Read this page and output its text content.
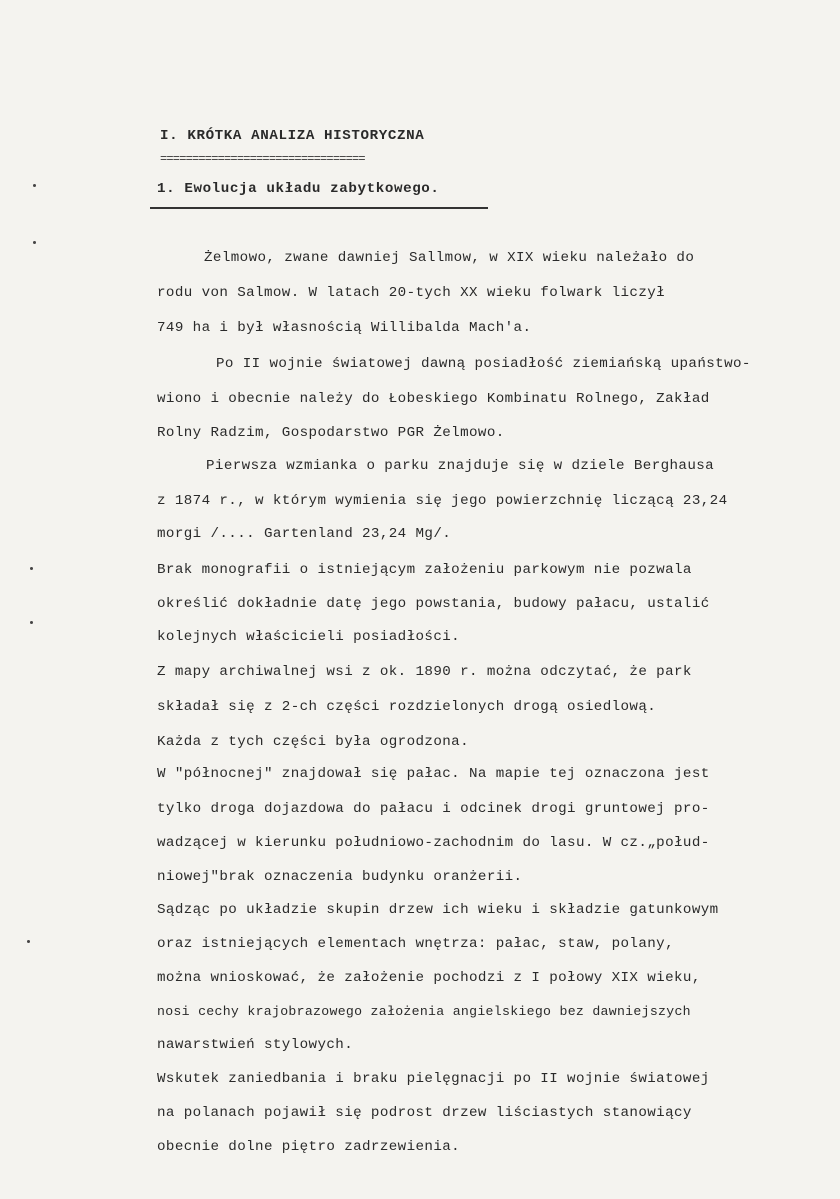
I. KRÓTKA ANALIZA HISTORYCZNA
================================
1. Ewolucja układu zabytkowego.
Żelmowo, zwane dawniej Sallmow, w XIX wieku należało do
rodu von Salmow. W latach 20-tych XX wieku folwark liczył
749 ha i był własnością Willibalda Mach'a.
Po II wojnie światowej dawną posiadłość ziemiańską upaństwo-
wiono i obecnie należy do Łobeskiego Kombinatu Rolnego, Zakład
Rolny Radzim, Gospodarstwo PGR Żelmowo.
Pierwsza wzmianka o parku znajduje się w dziele Berghausa
z 1874 r., w którym wymienia się jego powierzchnię liczącą 23,24
morgi /.... Gartenland 23,24 Mg/.
Brak monografii o istniejącym założeniu parkowym nie pozwala
określić dokładnie datę jego powstania, budowy pałacu, ustalić
kolejnych właścicieli posiadłości.
Z mapy archiwalnej wsi z ok. 1890 r. można odczytać, że park
składał się z 2-ch części rozdzielonych drogą osiedlową.
Każda z tych części była ogrodzona.
W "północnej" znajdował się pałac. Na mapie tej oznaczona jest
tylko droga dojazdowa do pałacu i odcinek drogi gruntowej pro-
wadzącej w kierunku południowo-zachodnim do lasu. W cz.„połud-
niowej"brak oznaczenia budynku oranżerii.
Sądząc po układzie skupin drzew ich wieku i składzie gatunkowym
oraz istniejących elementach wnętrza: pałac, staw, polany,
można wnioskować, że założenie pochodzi z I połowy XIX wieku,
nosi cechy krajobrazowego założenia angielskiego bez dawniejszych
nawarstwień stylowych.
Wskutek zaniedbania i braku pielęgnacji po II wojnie światowej
na polanach pojawił się podrost drzew liściastych stanowiący
obecnie dolne piętro zadrzewienia.
